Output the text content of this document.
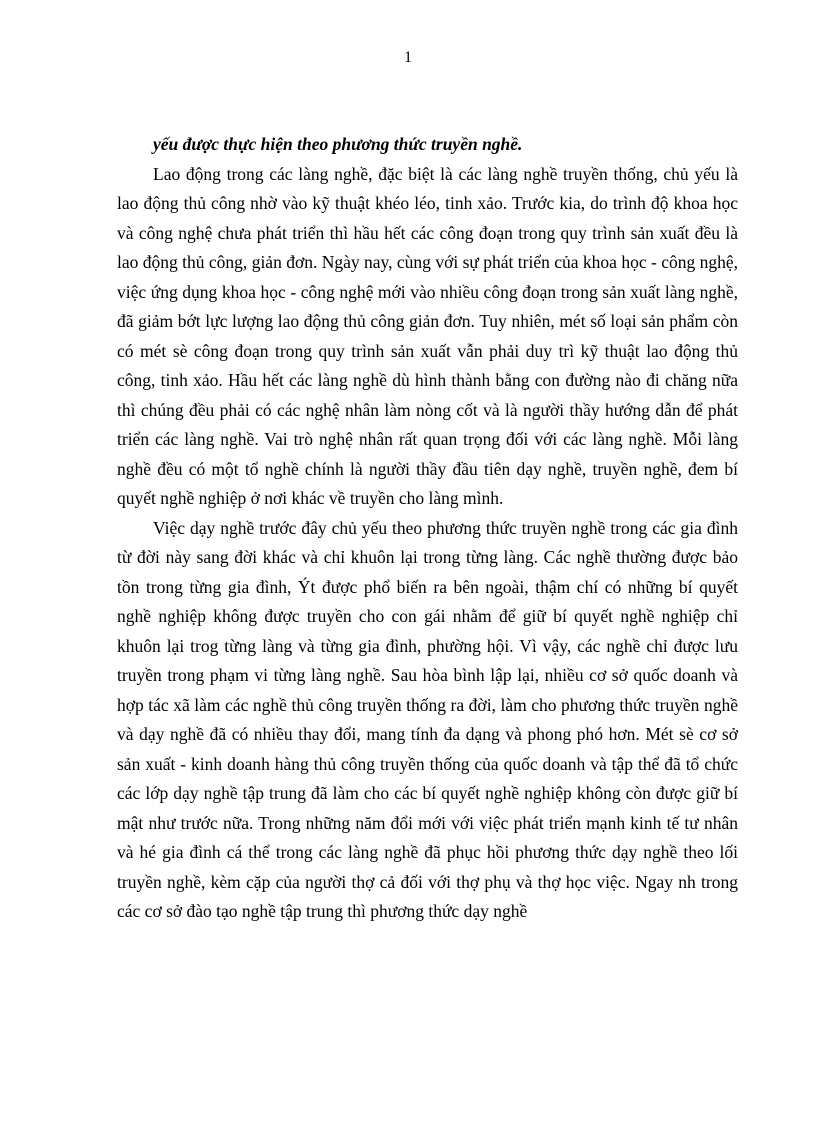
1

yếu được thực hiện theo phương thức truyền nghề.

Lao động trong các làng nghề, đặc biệt là các làng nghề truyền thống, chủ yếu là lao động thủ công nhờ vào kỹ thuật khéo léo, tinh xảo. Trước kia, do trình độ khoa học và công nghệ chưa phát triển thì hầu hết các công đoạn trong quy trình sản xuất đều là lao động thủ công, giản đơn. Ngày nay, cùng với sự phát triển của khoa học - công nghệ, việc ứng dụng khoa học - công nghệ mới vào nhiều công đoạn trong sản xuất làng nghề, đã giảm bớt lực lượng lao động thủ công giản đơn. Tuy nhiên, mét số loại sản phẩm còn có mét sè công đoạn trong quy trình sản xuất vẫn phải duy trì kỹ thuật lao động thủ công, tinh xảo. Hầu hết các làng nghề dù hình thành bằng con đường nào đi chăng nữa thì chúng đều phải có các nghệ nhân làm nòng cốt và là người thầy hướng dẫn để phát triển các làng nghề. Vai trò nghệ nhân rất quan trọng đối với các làng nghề. Mỗi làng nghề đều có một tổ nghề chính là người thầy đầu tiên dạy nghề, truyền nghề, đem bí quyết nghề nghiệp ở nơi khác về truyền cho làng mình.

Việc dạy nghề trước đây chủ yếu theo phương thức truyền nghề trong các gia đình từ đời này sang đời khác và chỉ khuôn lại trong từng làng. Các nghề thường được bảo tồn trong từng gia đình, Ýt được phổ biến ra bên ngoài, thậm chí có những bí quyết nghề nghiệp không được truyền cho con gái nhằm để giữ bí quyết nghề nghiệp chỉ khuôn lại trog từng làng và từng gia đình, phường hội. Vì vậy, các nghề chỉ được lưu truyền trong phạm vi từng làng nghề. Sau hòa bình lập lại, nhiều cơ sở quốc doanh và hợp tác xã làm các nghề thủ công truyền thống ra đời, làm cho phương thức truyền nghề và dạy nghề đã có nhiều thay đổi, mang tính đa dạng và phong phó hơn. Mét sè cơ sở sản xuất - kinh doanh hàng thủ công truyền thống của quốc doanh và tập thể đã tổ chức các lớp dạy nghề tập trung đã làm cho các bí quyết nghề nghiệp không còn được giữ bí mật như trước nữa. Trong những năm đổi mới với việc phát triển mạnh kinh tế tư nhân và hé gia đình cá thể trong các làng nghề đã phục hồi phương thức dạy nghề theo lối truyền nghề, kèm cặp của người thợ cả đối với thợ phụ và thợ học việc. Ngay nh trong các cơ sở đào tạo nghề tập trung thì phương thức dạy nghề
